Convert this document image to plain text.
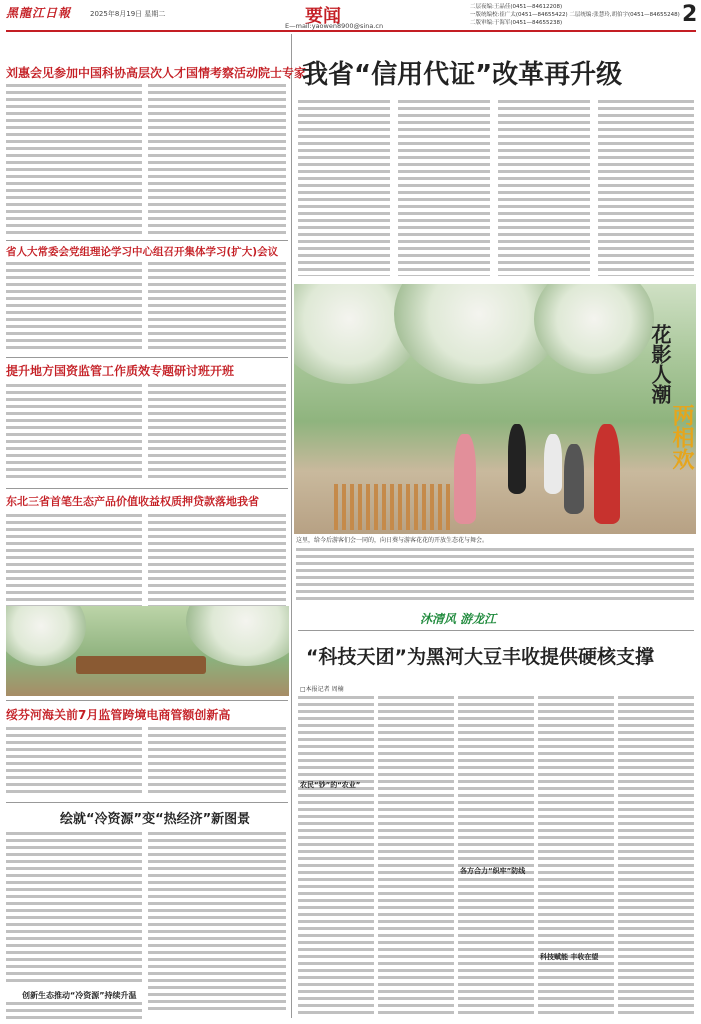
黑龍江日報	2025年8月19日 星期二	要闻
E—mail:yaowen8900@sina.cn
二层夜编:王晶佳(0451—84612208)
一版统编校:崔广太(0451—84655422) 二层统编:张慧玲,胡伯宇(0451—84655248)
二版审编:于海军(0451—84655238)	2
刘惠会见参加中国科协高层次人才国情考察活动院士专家
省人大常委会党组理论学习中心组召开集体学习(扩大)会议
提升地方国资监管工作质效专题研讨班开班
东北三省首笔生态产品价值收益权质押贷款落地我省
绥芬河海关前7月监管跨境电商管额创新高
绘就“冷资源”变“热经济”新图景
创新生态推动“冷资源”持续升温
我省“信用代证”改革再升级
花影人潮
两相欢
这里，给今后游客们会一同的，向日葵与游客花花的开放生态花与舞会。
沐清风 游龙江
“科技天团”为黑河大豆丰收提供硬核支撑
□本报记者 周楠
农民“钞”的“农业”
各方合力“织牢”防线
科技赋能 丰收在望
